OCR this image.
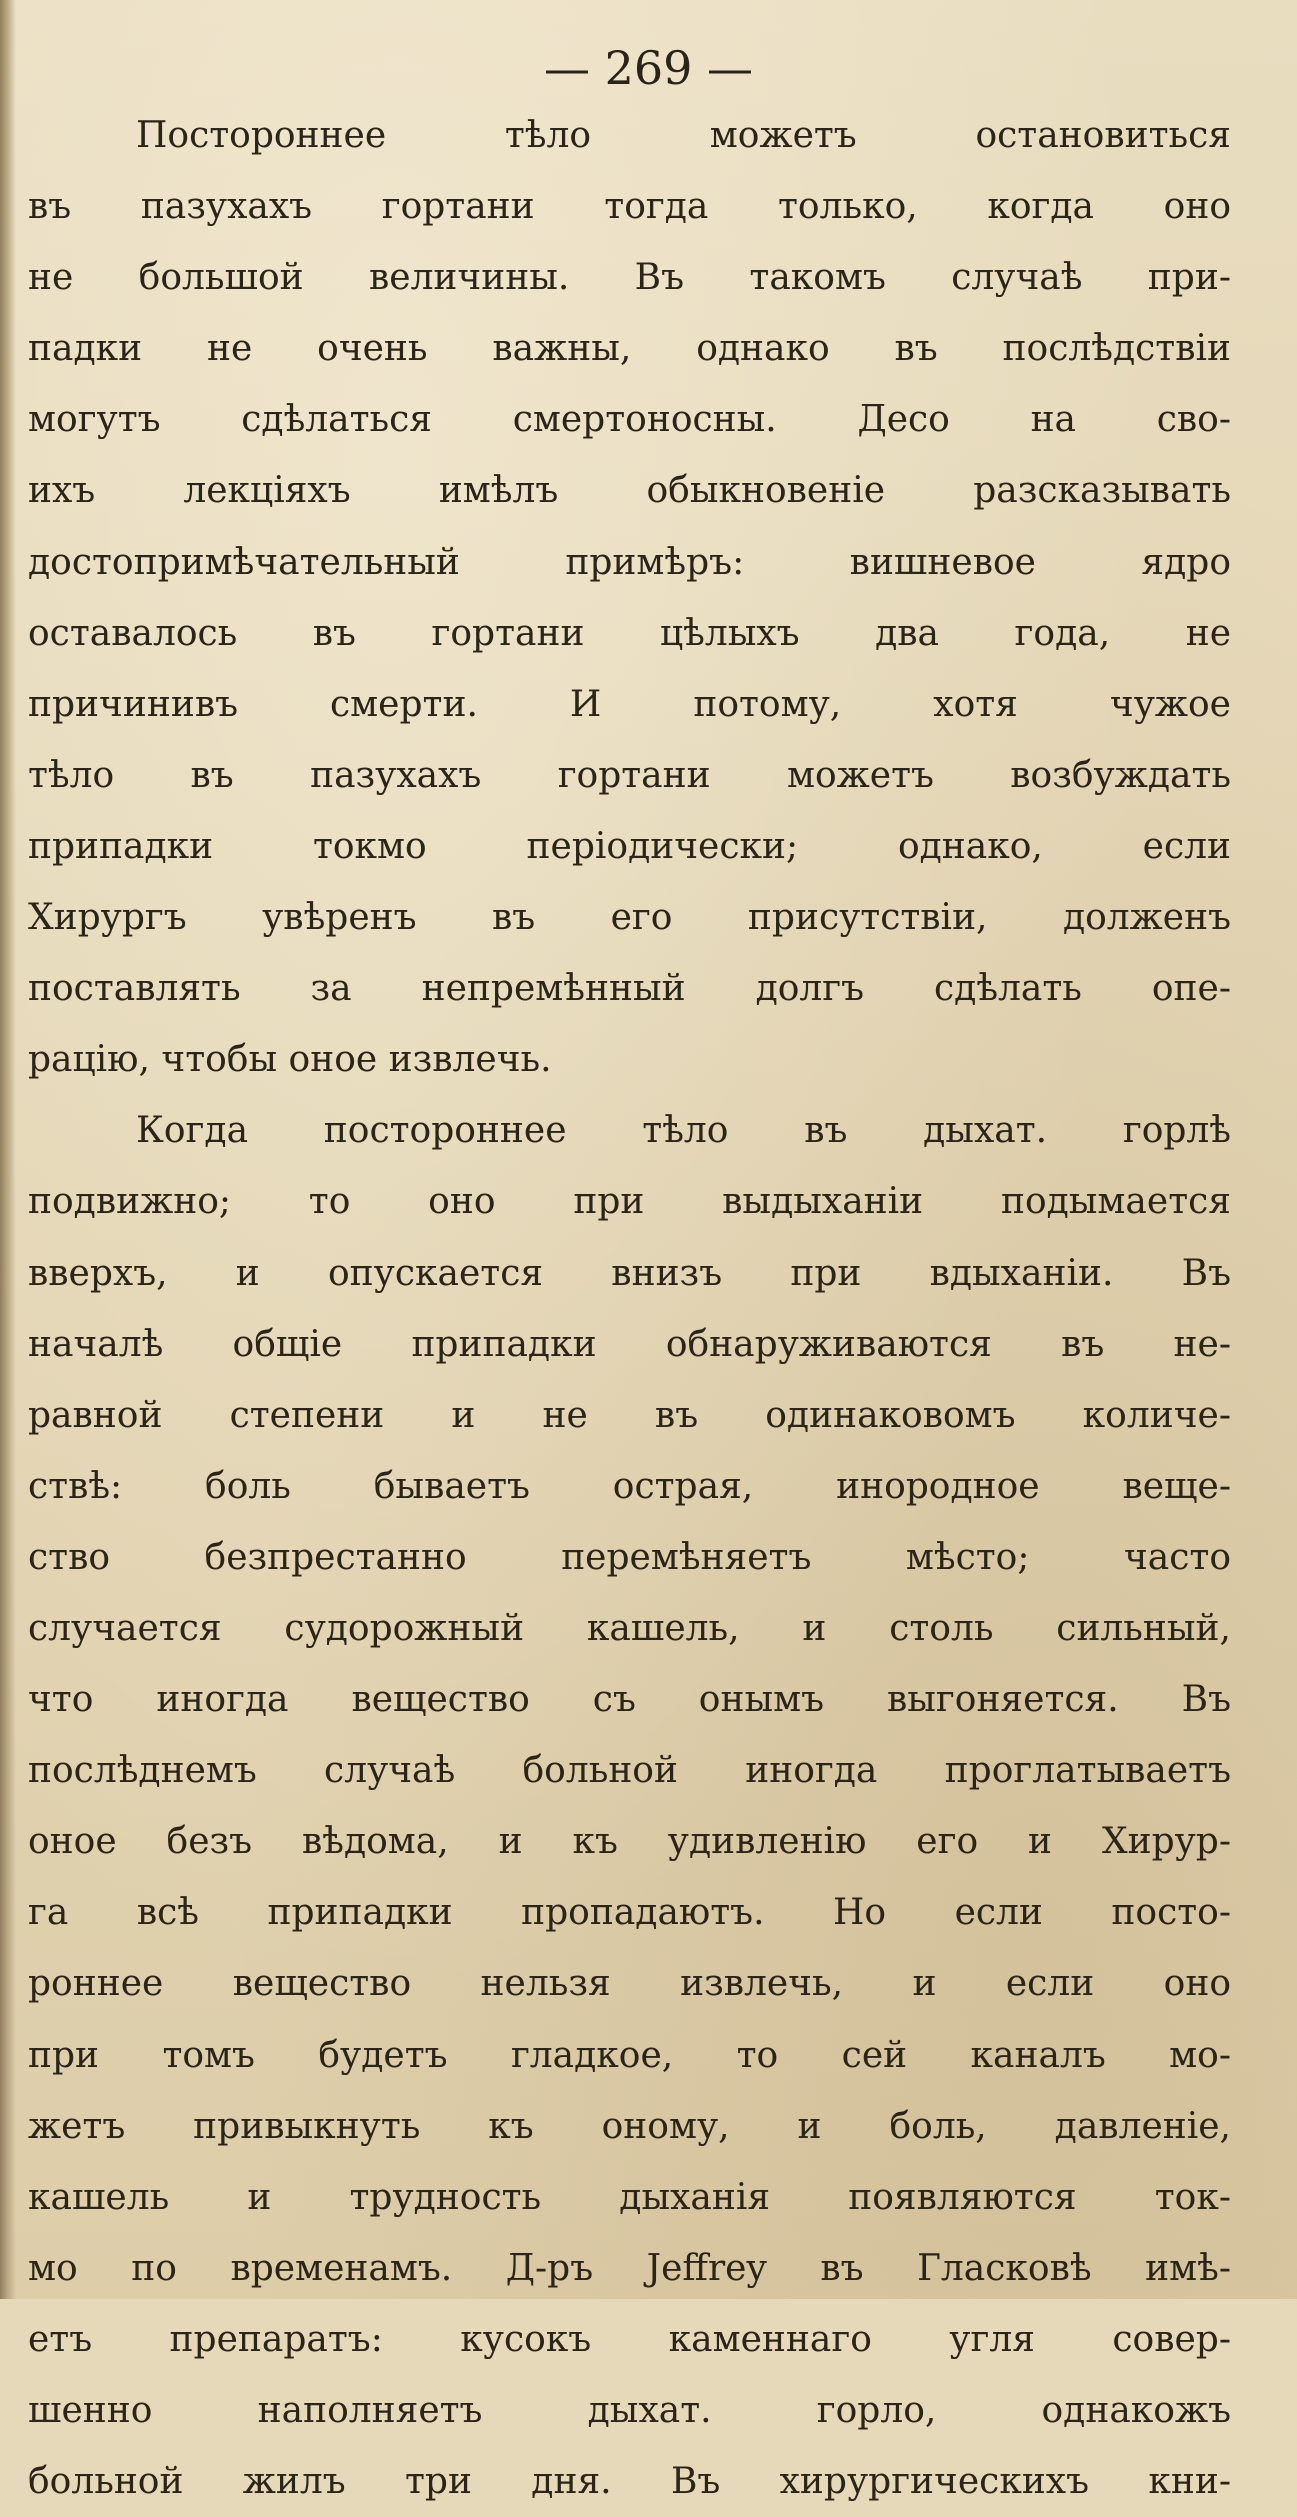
— 269 —

Постороннее тѣло можетъ остановиться
въ пазухахъ гортани тогда только, когда оно
не большой величины. Въ такомъ случаѣ при-
падки не очень важны, однако въ послѣдствіи
могутъ сдѣлаться смертоносны. Десо на сво-
ихъ лекціяхъ имѣлъ обыкновеніе разсказывать
достопримѣчательный примѣръ: вишневое ядро
оставалось въ гортани цѣлыхъ два года, не
причинивъ смерти. И потому, хотя чужое
тѣло въ пазухахъ гортани можетъ возбуждать
припадки токмо періодически; однако, если
Хирургъ увѣренъ въ его присутствіи, долженъ
поставлять за непремѣнный долгъ сдѣлать опе-
рацію, чтобы оное извлечь.
Когда постороннее тѣло въ дыхат. горлѣ
подвижно; то оно при выдыханіи подымается
вверхъ, и опускается внизъ при вдыханіи. Въ
началѣ общіе припадки обнаруживаются въ не-
равной степени и не въ одинаковомъ количе-
ствѣ: боль бываетъ острая, инородное веще-
ство безпрестанно перемѣняетъ мѣсто; часто
случается судорожный кашель, и столь сильный,
что иногда вещество съ онымъ выгоняется. Въ
послѣднемъ случаѣ больной иногда проглатываетъ
оное безъ вѣдома, и къ удивленію его и Хирур-
га всѣ припадки пропадаютъ. Но если посто-
роннее вещество нельзя извлечь, и если оно
при томъ будетъ гладкое, то сей каналъ мо-
жетъ привыкнуть къ оному, и боль, давленіе,
кашель и трудность дыханія появляются ток-
мо по временамъ. Д-ръ Jeffrey въ Гласковѣ имѣ-
етъ препаратъ: кусокъ каменнаго угля совер-
шенно наполняетъ дыхат. горло, однакожъ
больной жилъ три дня. Въ хирургическихъ кни-
